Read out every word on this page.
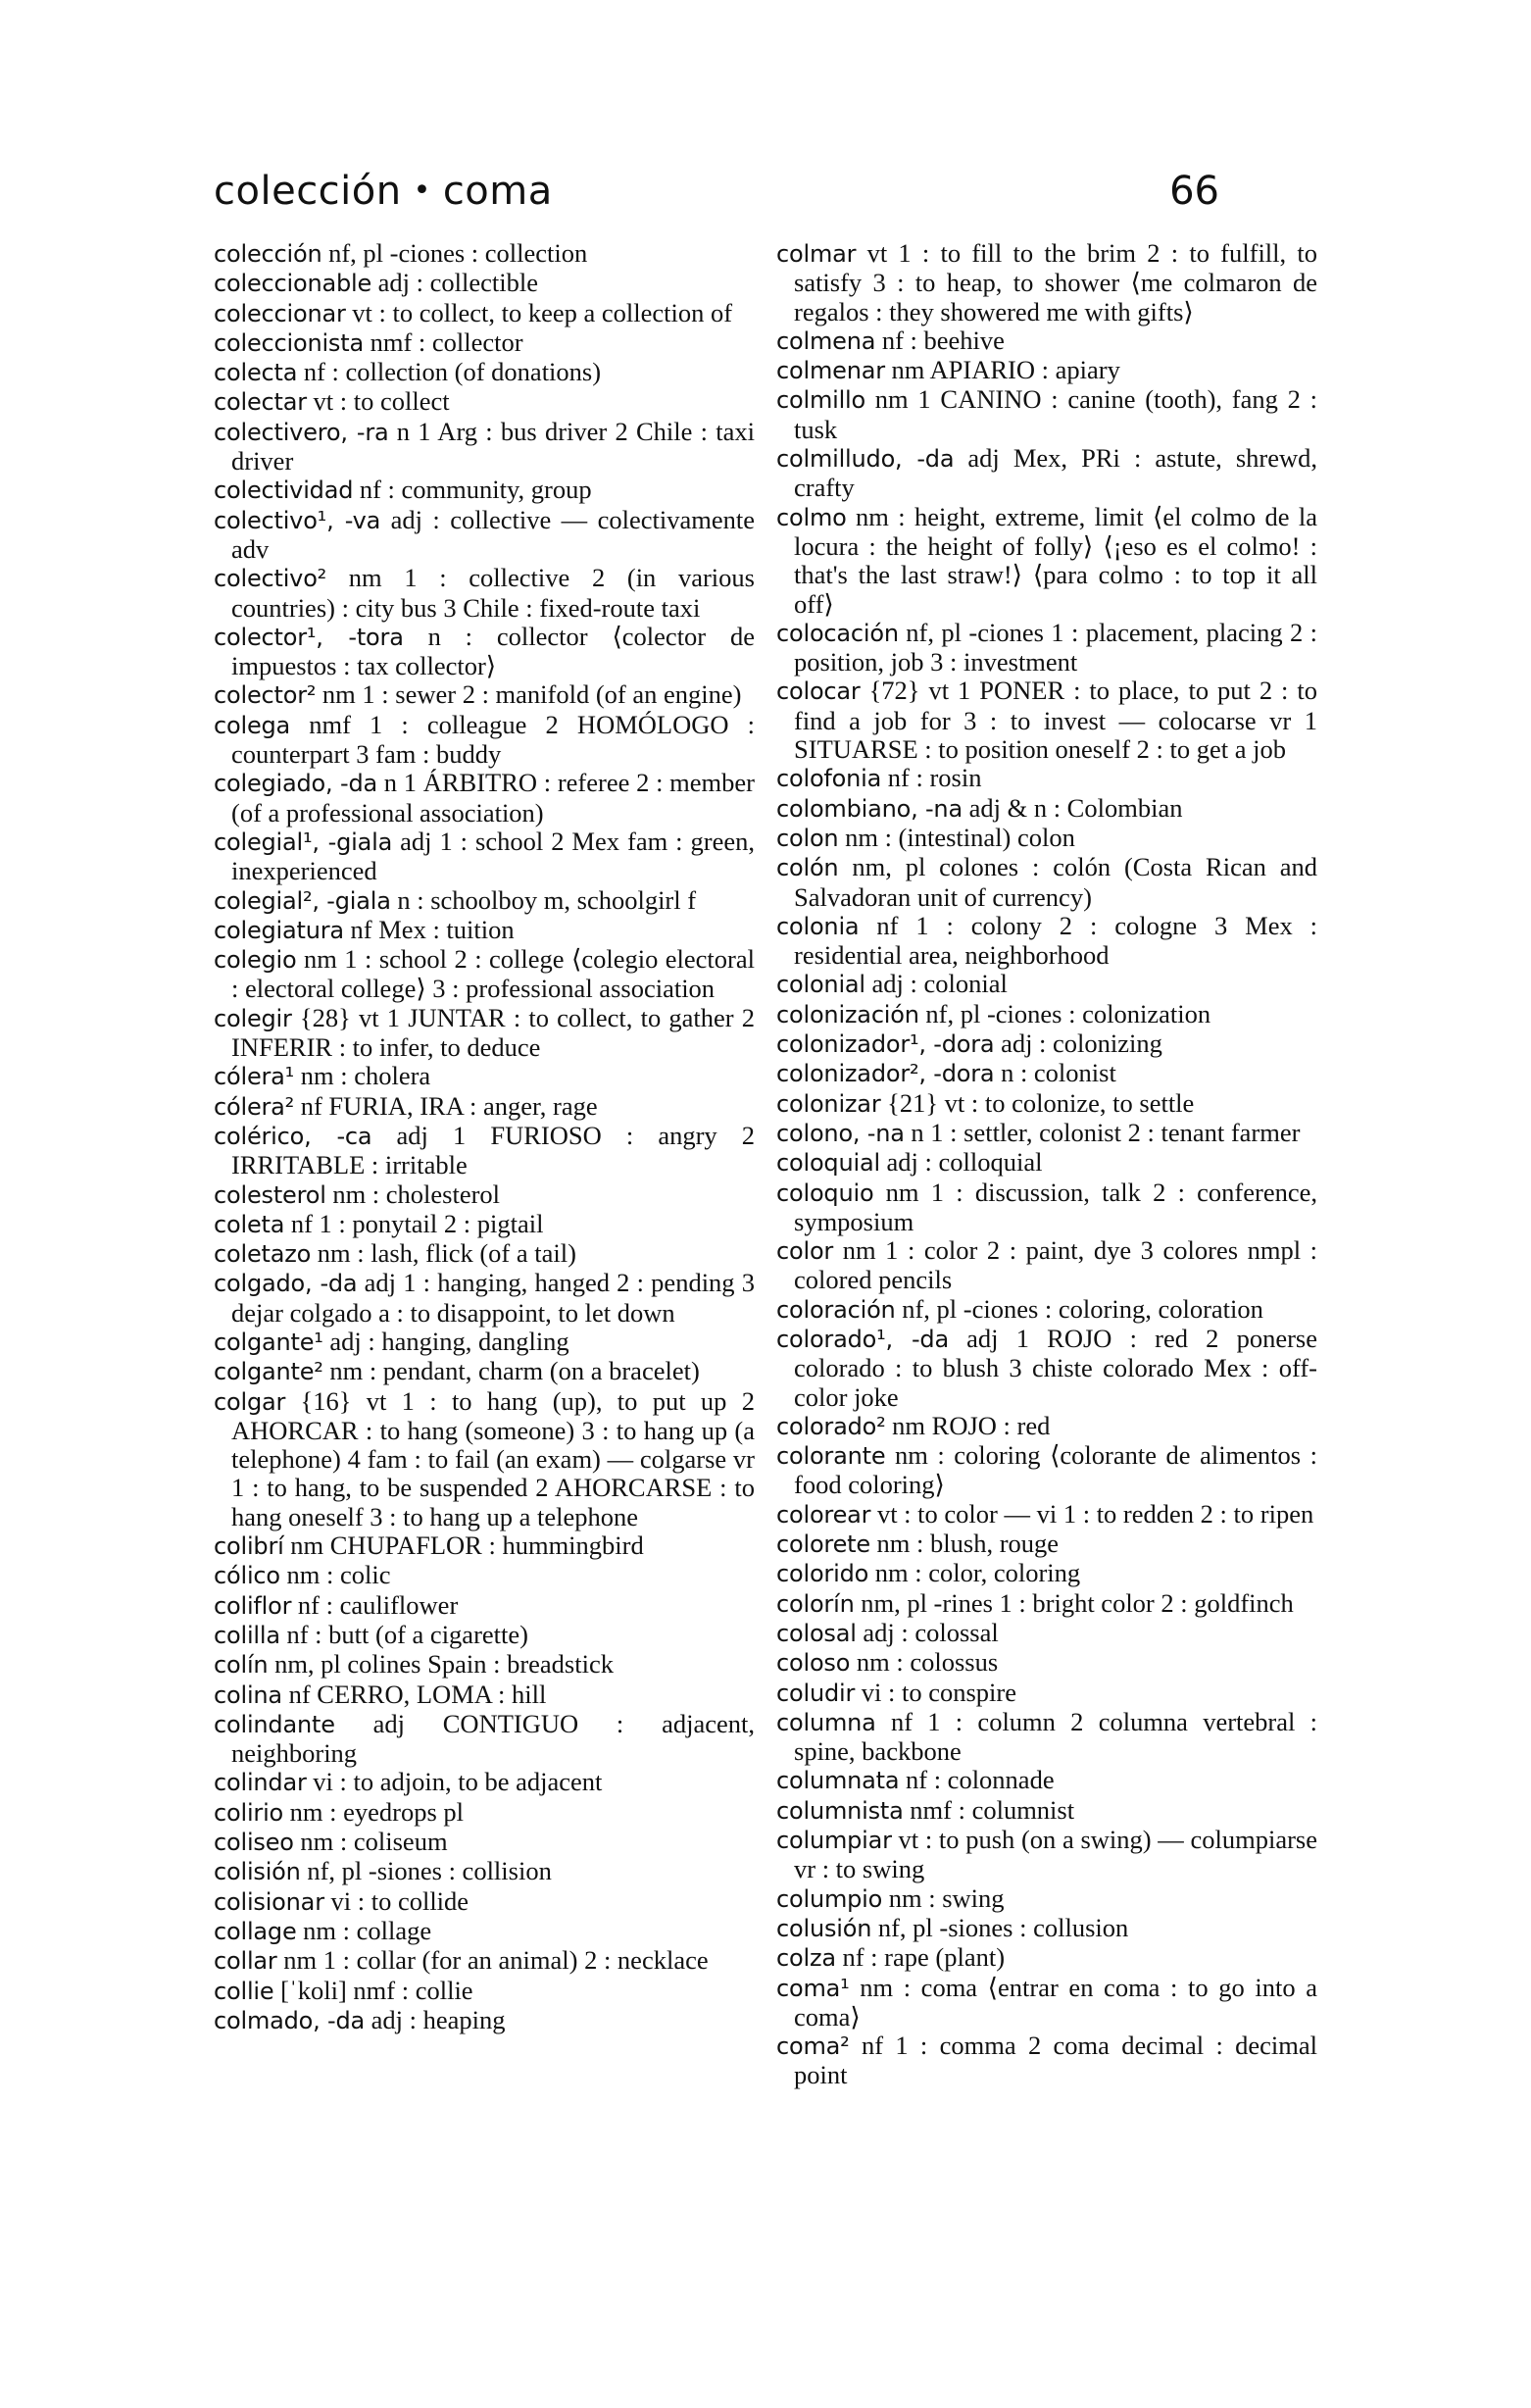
colección • coma	66

colección nf, pl -ciones : collection

coleccionable adj : collectible

coleccionar vt : to collect, to keep a collection of

coleccionista nmf : collector

colecta nf : collection (of donations)

colectar vt : to collect

colectivero, -ra n 1 Arg : bus driver 2 Chile : taxi driver

colectividad nf : community, group

colectivo¹, -va adj : collective — colectivamente adv

colectivo² nm 1 : collective 2 (in various countries) : city bus 3 Chile : fixed-route taxi

colector¹, -tora n : collector ⟨colector de impuestos : tax collector⟩

colector² nm 1 : sewer 2 : manifold (of an engine)

colega nmf 1 : colleague 2 HOMÓLOGO : counterpart 3 fam : buddy

colegiado, -da n 1 ÁRBITRO : referee 2 : member (of a professional association)

colegial¹, -giala adj 1 : school 2 Mex fam : green, inexperienced

colegial², -giala n : schoolboy m, schoolgirl f

colegiatura nf Mex : tuition

colegio nm 1 : school 2 : college ⟨colegio electoral : electoral college⟩ 3 : professional association

colegir {28} vt 1 JUNTAR : to collect, to gather 2 INFERIR : to infer, to deduce

cólera¹ nm : cholera

cólera² nf FURIA, IRA : anger, rage

colérico, -ca adj 1 FURIOSO : angry 2 IRRITABLE : irritable

colesterol nm : cholesterol

coleta nf 1 : ponytail 2 : pigtail

coletazo nm : lash, flick (of a tail)

colgado, -da adj 1 : hanging, hanged 2 : pending 3 dejar colgado a : to disappoint, to let down

colgante¹ adj : hanging, dangling

colgante² nm : pendant, charm (on a bracelet)

colgar {16} vt 1 : to hang (up), to put up 2 AHORCAR : to hang (someone) 3 : to hang up (a telephone) 4 fam : to fail (an exam) — colgarse vr 1 : to hang, to be suspended 2 AHORCARSE : to hang oneself 3 : to hang up a telephone

colibrí nm CHUPAFLOR : hummingbird

cólico nm : colic

coliflor nf : cauliflower

colilla nf : butt (of a cigarette)

colín nm, pl colines Spain : breadstick

colina nf CERRO, LOMA : hill

colindante adj CONTIGUO : adjacent, neighboring

colindar vi : to adjoin, to be adjacent

colirio nm : eyedrops pl

coliseo nm : coliseum

colisión nf, pl -siones : collision

colisionar vi : to collide

collage nm : collage

collar nm 1 : collar (for an animal) 2 : necklace

collie [ˈkoli] nmf : collie

colmado, -da adj : heaping

colmar vt 1 : to fill to the brim 2 : to fulfill, to satisfy 3 : to heap, to shower ⟨me colmaron de regalos : they showered me with gifts⟩

colmena nf : beehive

colmenar nm APIARIO : apiary

colmillo nm 1 CANINO : canine (tooth), fang 2 : tusk

colmilludo, -da adj Mex, PRi : astute, shrewd, crafty

colmo nm : height, extreme, limit ⟨el colmo de la locura : the height of folly⟩ ⟨¡eso es el colmo! : that's the last straw!⟩ ⟨para colmo : to top it all off⟩

colocación nf, pl -ciones 1 : placement, placing 2 : position, job 3 : investment

colocar {72} vt 1 PONER : to place, to put 2 : to find a job for 3 : to invest — colocarse vr 1 SITUARSE : to position oneself 2 : to get a job

colofonia nf : rosin

colombiano, -na adj & n : Colombian

colon nm : (intestinal) colon

colón nm, pl colones : colón (Costa Rican and Salvadoran unit of currency)

colonia nf 1 : colony 2 : cologne 3 Mex : residential area, neighborhood

colonial adj : colonial

colonización nf, pl -ciones : colonization

colonizador¹, -dora adj : colonizing

colonizador², -dora n : colonist

colonizar {21} vt : to colonize, to settle

colono, -na n 1 : settler, colonist 2 : tenant farmer

coloquial adj : colloquial

coloquio nm 1 : discussion, talk 2 : conference, symposium

color nm 1 : color 2 : paint, dye 3 colores nmpl : colored pencils

coloración nf, pl -ciones : coloring, coloration

colorado¹, -da adj 1 ROJO : red 2 ponerse colorado : to blush 3 chiste colorado Mex : off-color joke

colorado² nm ROJO : red

colorante nm : coloring ⟨colorante de alimentos : food coloring⟩

colorear vt : to color — vi 1 : to redden 2 : to ripen

colorete nm : blush, rouge

colorido nm : color, coloring

colorín nm, pl -rines 1 : bright color 2 : goldfinch

colosal adj : colossal

coloso nm : colossus

coludir vi : to conspire

columna nf 1 : column 2 columna vertebral : spine, backbone

columnata nf : colonnade

columnista nmf : columnist

columpiar vt : to push (on a swing) — columpiarse vr : to swing

columpio nm : swing

colusión nf, pl -siones : collusion

colza nf : rape (plant)

coma¹ nm : coma ⟨entrar en coma : to go into a coma⟩

coma² nf 1 : comma 2 coma decimal : decimal point
